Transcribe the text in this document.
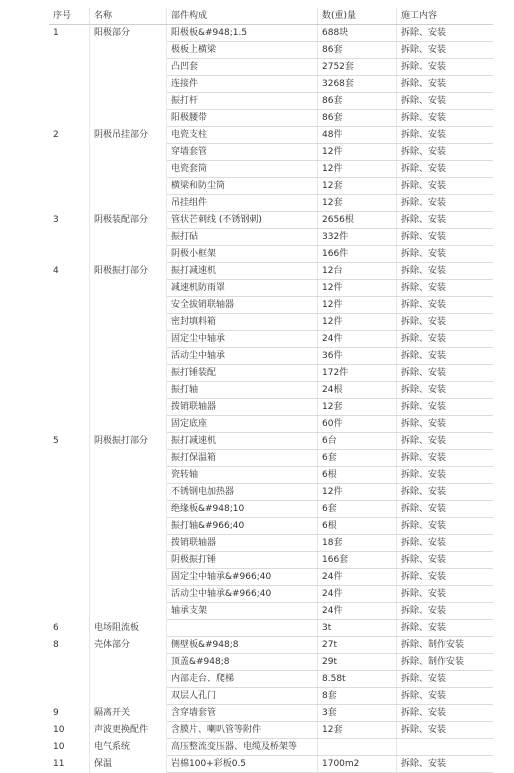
序号	名称	部件构成	数(重)量	施工内容
1	阳极部分	阳极板&#948;1.5	688块	拆除、安装
		极板上横梁	86套	拆除、安装
		凸凹套	2752套	拆除、安装
		连接件	3268套	拆除、安装
		振打杆	86套	拆除、安装
		阳极腰带	86套	拆除、安装
2	阴极吊挂部分	电瓷支柱	48件	拆除、安装
		穿墙套管	12件	拆除、安装
		电瓷套筒	12件	拆除、安装
		横梁和防尘筒	12套	拆除、安装
		吊挂组件	12套	拆除、安装
3	阴极装配部分	管状芒刺线 (不锈钢刺)	2656根	拆除、安装
		振打砧	332件	拆除、安装
		阴极小框架	166件	拆除、安装
4	阳极振打部分	振打减速机	12台	拆除、安装
		减速机防雨罩	12件	拆除、安装
		安全拔销联轴器	12件	拆除、安装
		密封填料箱	12件	拆除、安装
		固定尘中轴承	24件	拆除、安装
		活动尘中轴承	36件	拆除、安装
		振打锤装配	172件	拆除、安装
		振打轴	24根	拆除、安装
		拨销联轴器	12套	拆除、安装
		固定底座	60件	拆除、安装
5	阴极振打部分	振打减速机	6台	拆除、安装
		振打保温箱	6套	拆除、安装
		瓷转轴	6根	拆除、安装
		不锈钢电加热器	12件	拆除、安装
		绝缘板&#948;10	6套	拆除、安装
		振打轴&#966;40	6根	拆除、安装
		拨销联轴器	18套	拆除、安装
		阴极振打锤	166套	拆除、安装
		固定尘中轴承&#966;40	24件	拆除、安装
		活动尘中轴承&#966;40	24件	拆除、安装
		轴承支架	24件	拆除、安装
6	电场阻流板		3t	拆除、安装
8	壳体部分	侧壁板&#948;8	27t	拆除、制作安装
		顶盖&#948;8	29t	拆除、制作安装
		内部走台、爬梯	8.58t	拆除、安装
		双层人孔门	8套	拆除、安装
9	隔离开关	含穿墙套管	3套	拆除、安装
10	声波更换配件	含膜片、喇叭管等附件	12套	拆除、安装
10	电气系统	高压整流变压器、电缆及桥架等		
11	保温	岩棉100+彩板0.5	1700m2	拆除、安装
